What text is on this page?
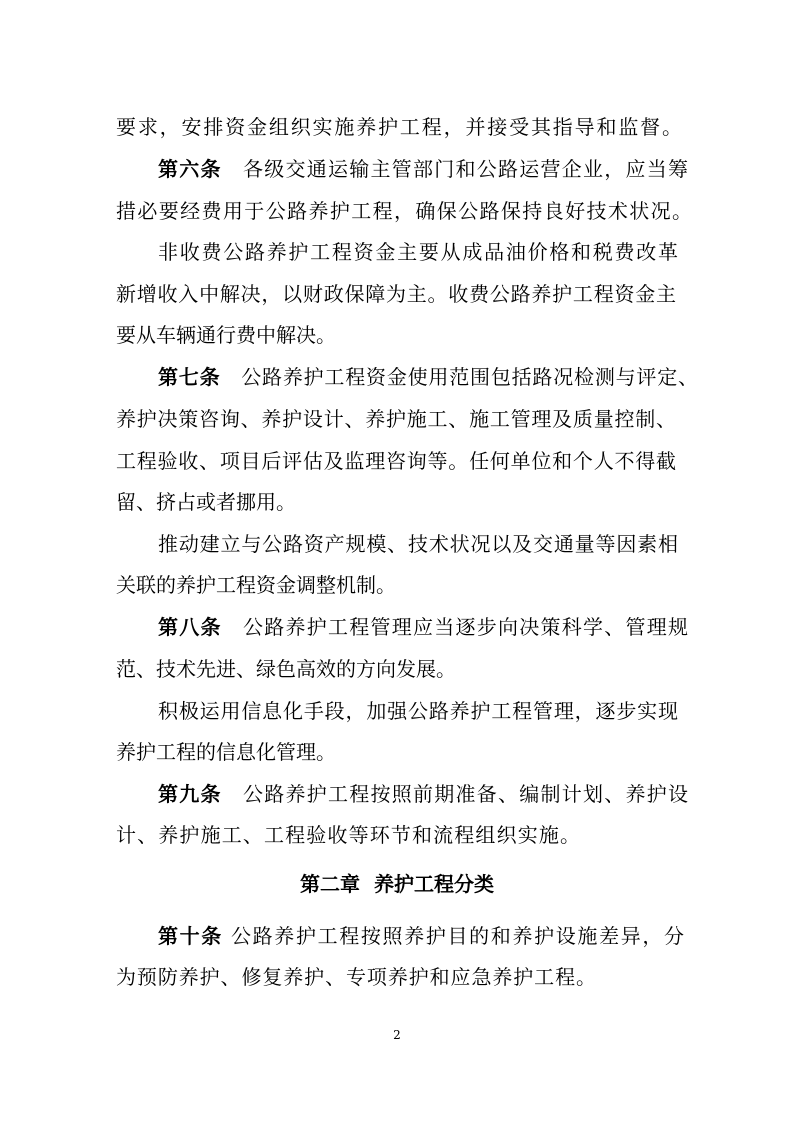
要求，安排资金组织实施养护工程，并接受其指导和监督。

第六条　 各级交通运输主管部门和公路运营企业，应当筹

措必要经费用于公路养护工程，确保公路保持良好技术状况。

非收费公路养护工程资金主要从成品油价格和税费改革

新增收入中解决，以财政保障为主。收费公路养护工程资金主

要从车辆通行费中解决。

第七条　 公路养护工程资金使用范围包括路况检测与评定、

养护决策咨询、养护设计、养护施工、施工管理及质量控制、

工程验收、项目后评估及监理咨询等。任何单位和个人不得截

留、挤占或者挪用。

推动建立与公路资产规模、技术状况以及交通量等因素相

关联的养护工程资金调整机制。

第八条　 公路养护工程管理应当逐步向决策科学、管理规

范、技术先进、绿色高效的方向发展。

积极运用信息化手段，加强公路养护工程管理，逐步实现

养护工程的信息化管理。

第九条　 公路养护工程按照前期准备、编制计划、养护设

计、养护施工、工程验收等环节和流程组织实施。

第二章  养护工程分类

第十条 公路养护工程按照养护目的和养护设施差异，分

为预防养护、修复养护、专项养护和应急养护工程。

2
